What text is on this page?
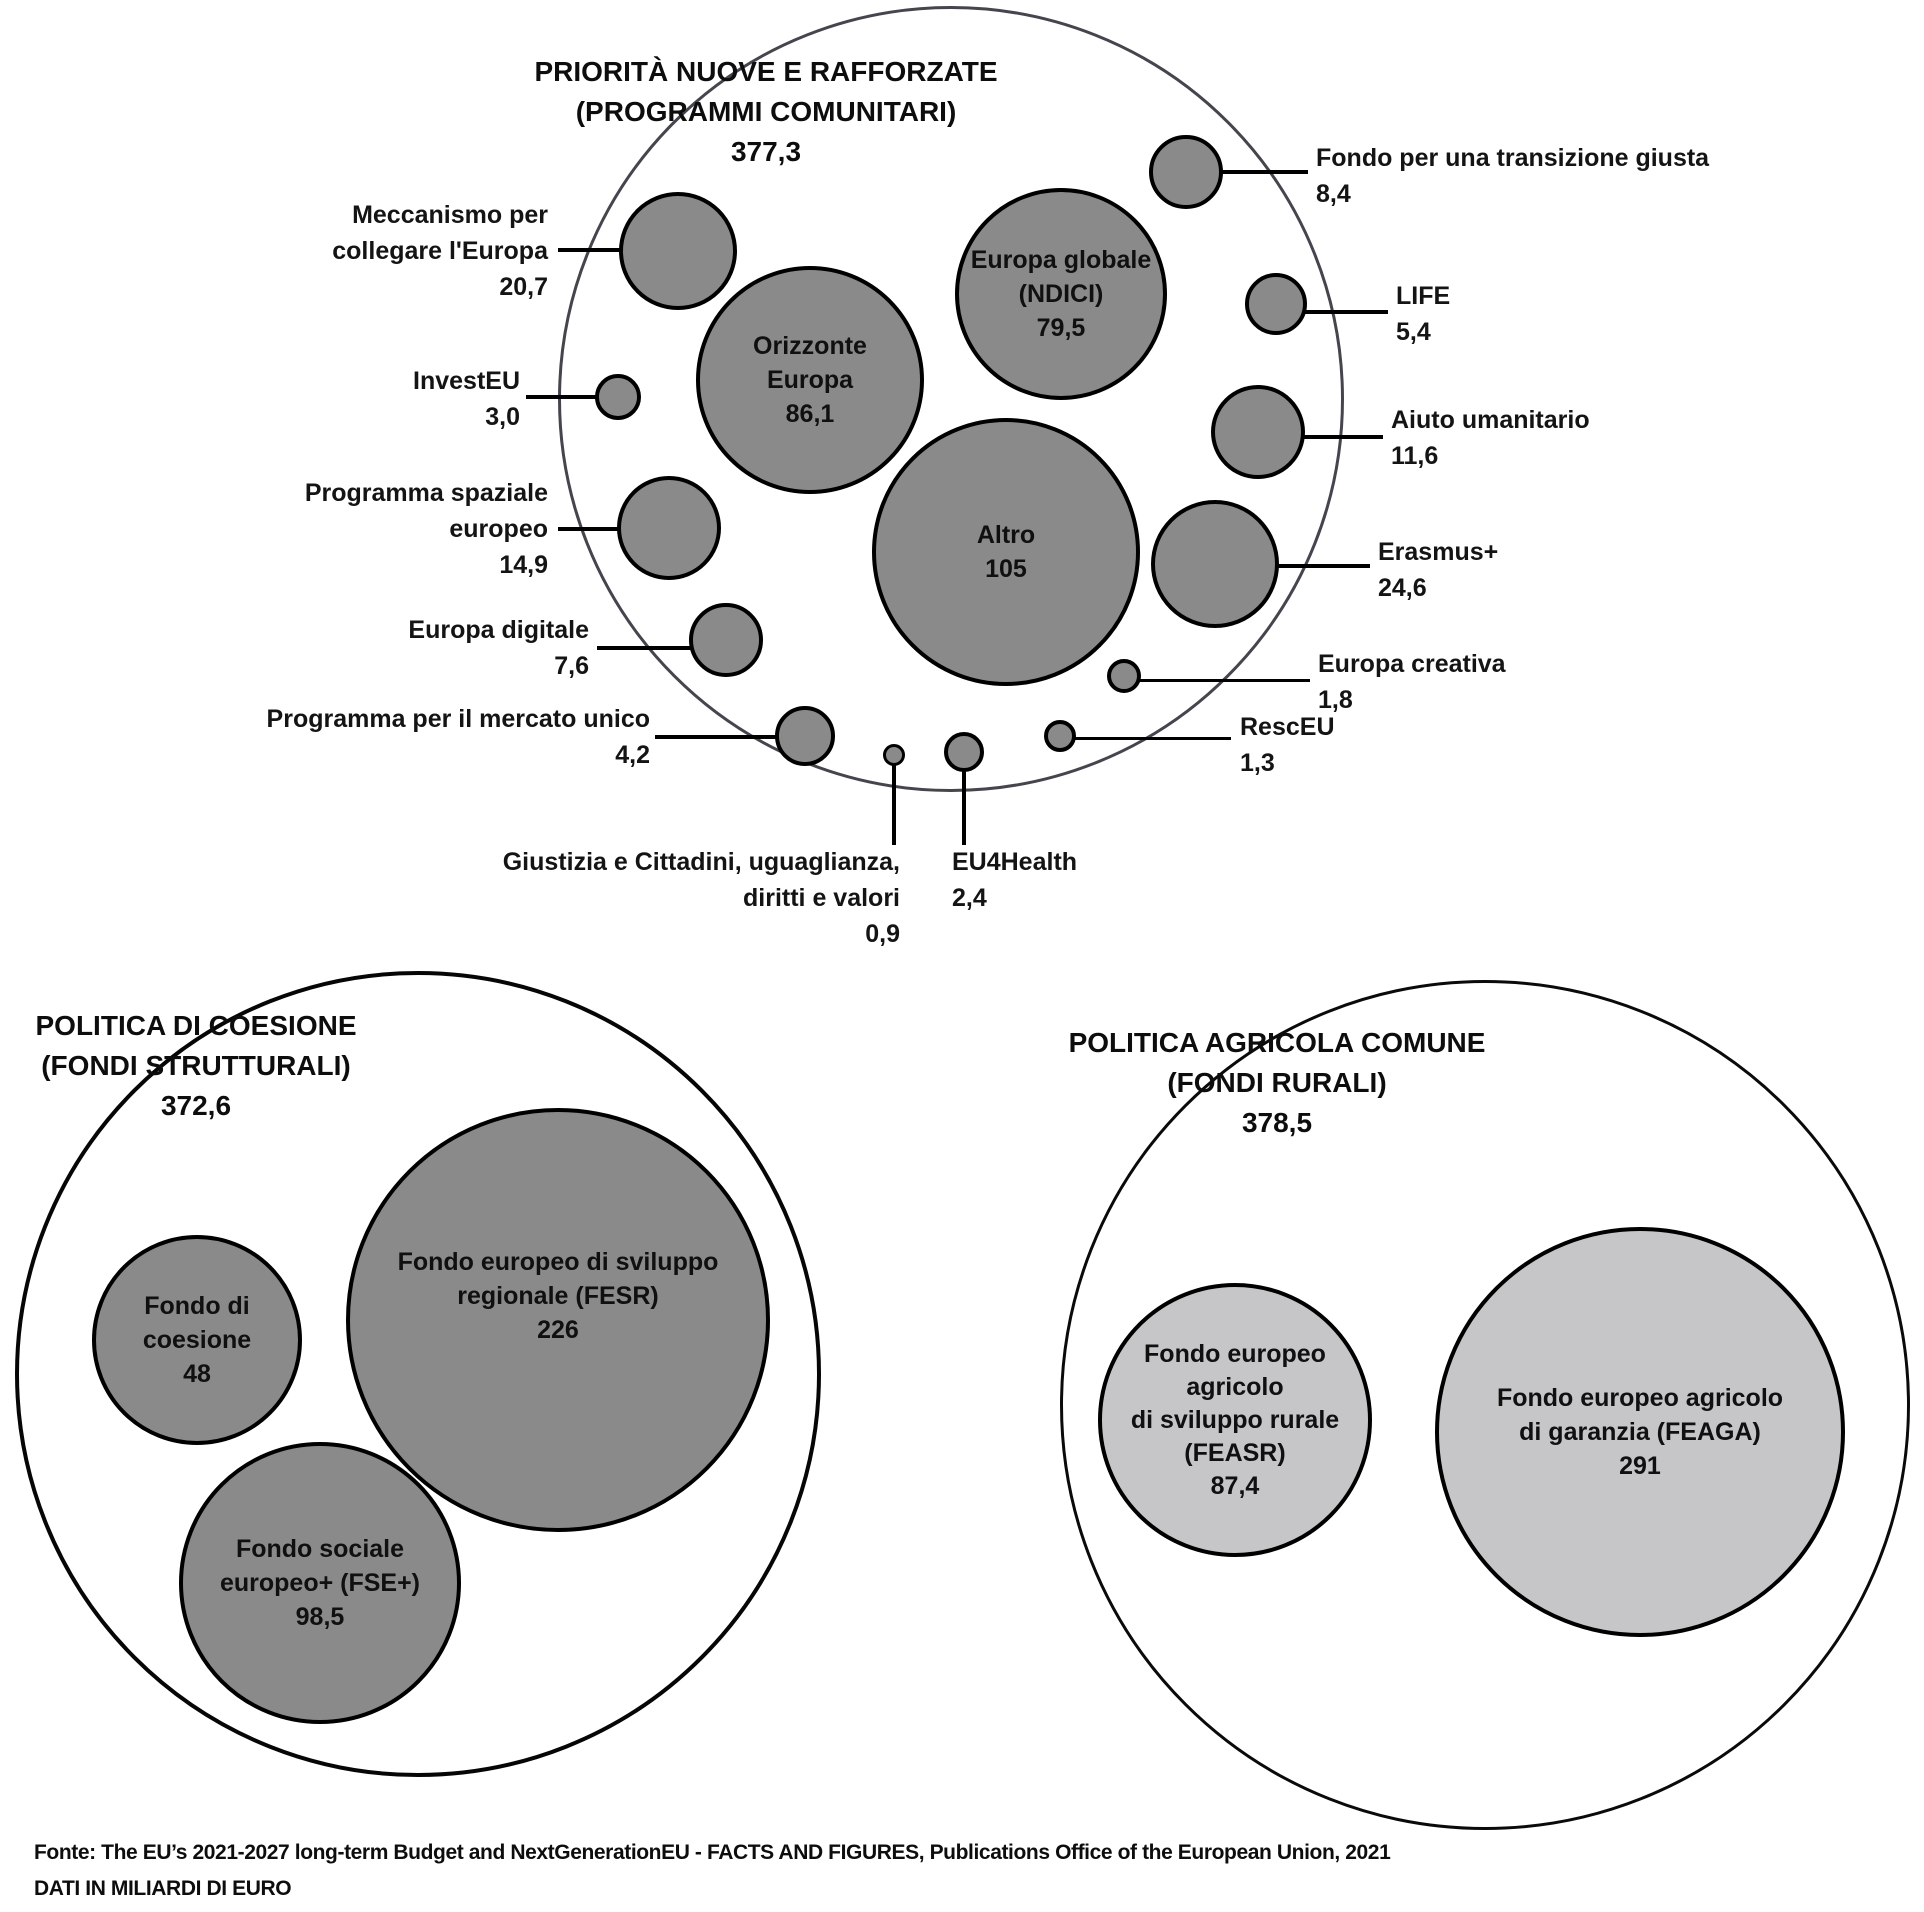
PRIORITÀ NUOVE E RAFFORZATE
(PROGRAMMI COMUNITARI)
377,3
Orizzonte
Europa
86,1
Europa globale
(NDICI)
79,5
Altro
105
Meccanismo per
collegare l'Europa
20,7
InvestEU
3,0
Programma spaziale
europeo
14,9
Europa digitale
7,6
Programma per il mercato unico
4,2
Giustizia e Cittadini, uguaglianza,
diritti e valori
0,9
EU4Health
2,4
Fondo per una transizione giusta
8,4
LIFE
5,4
Aiuto umanitario
11,6
Erasmus+
24,6
Europa creativa
1,8
RescEU
1,3
POLITICA DI COESIONE
(FONDI STRUTTURALI)
372,6
Fondo di coesione
48
Fondo europeo di sviluppo
regionale (FESR)
226
Fondo sociale
europeo+ (FSE+)
98,5
POLITICA AGRICOLA COMUNE
(FONDI RURALI)
378,5
Fondo europeo agricolo
di sviluppo rurale
(FEASR)
87,4
Fondo europeo agricolo
di garanzia (FEAGA)
291
Fonte: The EU’s 2021-2027 long-term Budget and NextGenerationEU - FACTS AND FIGURES, Publications Office of the European Union, 2021
DATI IN MILIARDI DI EURO
